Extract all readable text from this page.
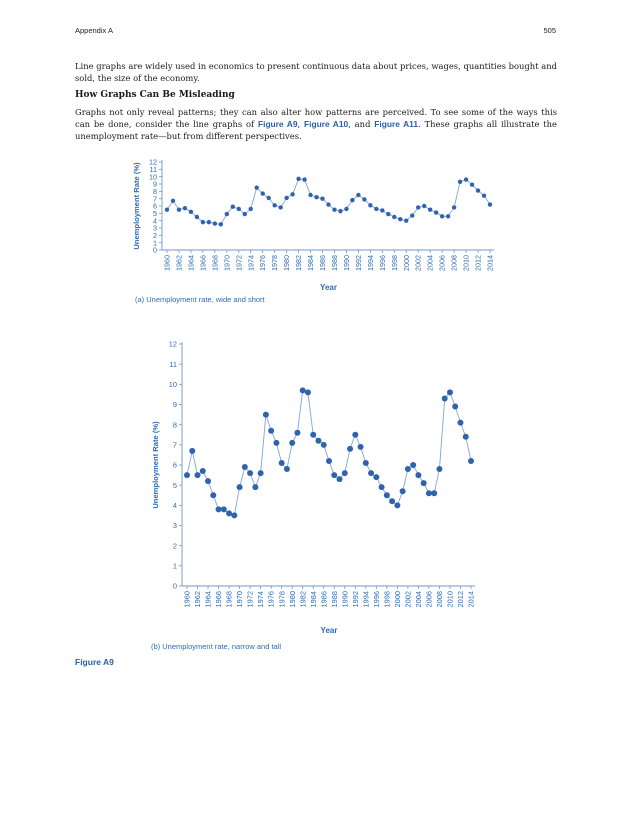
Appendix A	505

Line graphs are widely used in economics to present continuous data about prices, wages, quantities bought and sold, the size of the economy.

How Graphs Can Be Misleading

Graphs not only reveal patterns; they can also alter how patterns are perceived. To see some of the ways this can be done, consider the line graphs of Figure A9, Figure A10, and Figure A11. These graphs all illustrate the unemployment rate—but from different perspectives.

0
1
2
3
4
5
6
7
8
9
10
11
12
1960 1962 1964 1966 1968 1970 1972 1974 1976 1978 1980 1982 1984 1986 1988 1990 1992 1994 1996 1998 2000 2002 2004 2006 2008 2010 2012 2014
Year
Unemployment Rate (%)
0
1
2
3
4
5
6
7
8
9
10
11
12
1960 1962 1964 1966 1968 1970 1972 1974 1976 1978 1980 1982 1984 1986 1988 1990 1992 1994 1996 1998 2000 2002 2004 2006 2008 2010 2012 2014
Year
Unemployment Rate (%)
(a) Unemployment rate, wide and short
(b) Unemployment rate, narrow and tall
Figure A9
